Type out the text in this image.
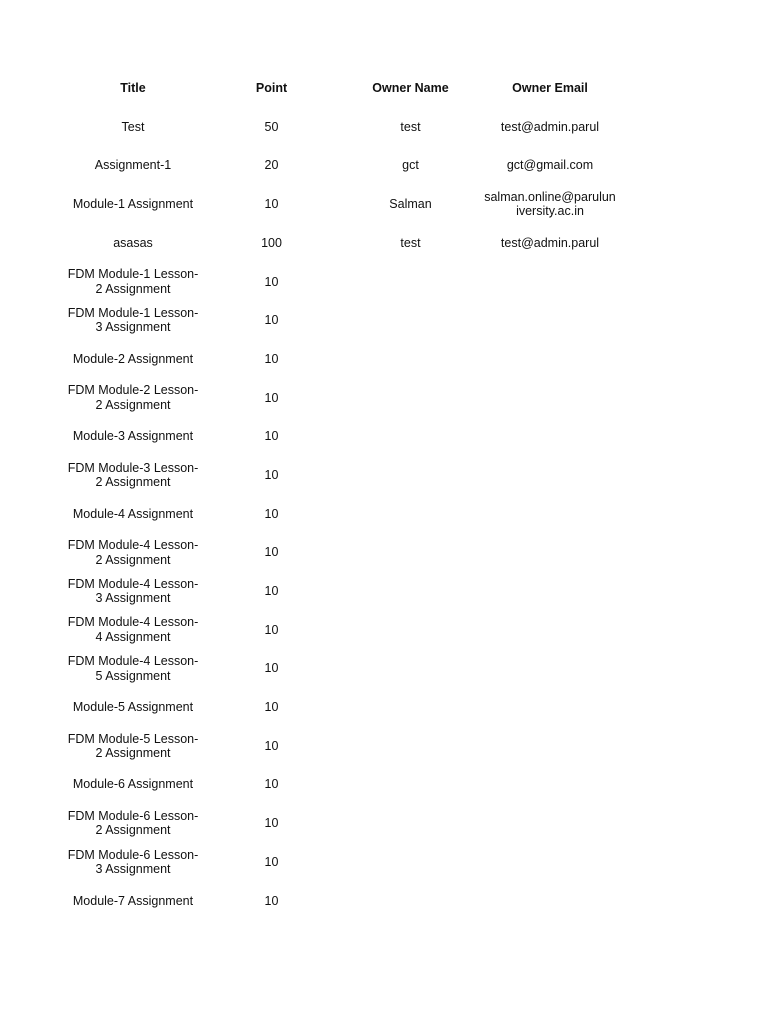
Title	Point	Owner Name	Owner Email
Test	50	test	test@admin.parul
Assignment-1	20	gct	gct@gmail.com
Module-1 Assignment	10	Salman	salman.online@paruluniversity.ac.in
asasas	100	test	test@admin.parul
FDM Module-1 Lesson-2 Assignment	10		
FDM Module-1 Lesson-3 Assignment	10		
Module-2 Assignment	10		
FDM Module-2 Lesson-2 Assignment	10		
Module-3 Assignment	10		
FDM Module-3 Lesson-2 Assignment	10		
Module-4 Assignment	10		
FDM Module-4 Lesson-2 Assignment	10		
FDM Module-4 Lesson-3 Assignment	10		
FDM Module-4 Lesson-4 Assignment	10		
FDM Module-4 Lesson-5 Assignment	10		
Module-5 Assignment	10		
FDM Module-5 Lesson-2 Assignment	10		
Module-6 Assignment	10		
FDM Module-6 Lesson-2 Assignment	10		
FDM Module-6 Lesson-3 Assignment	10		
Module-7 Assignment	10		
